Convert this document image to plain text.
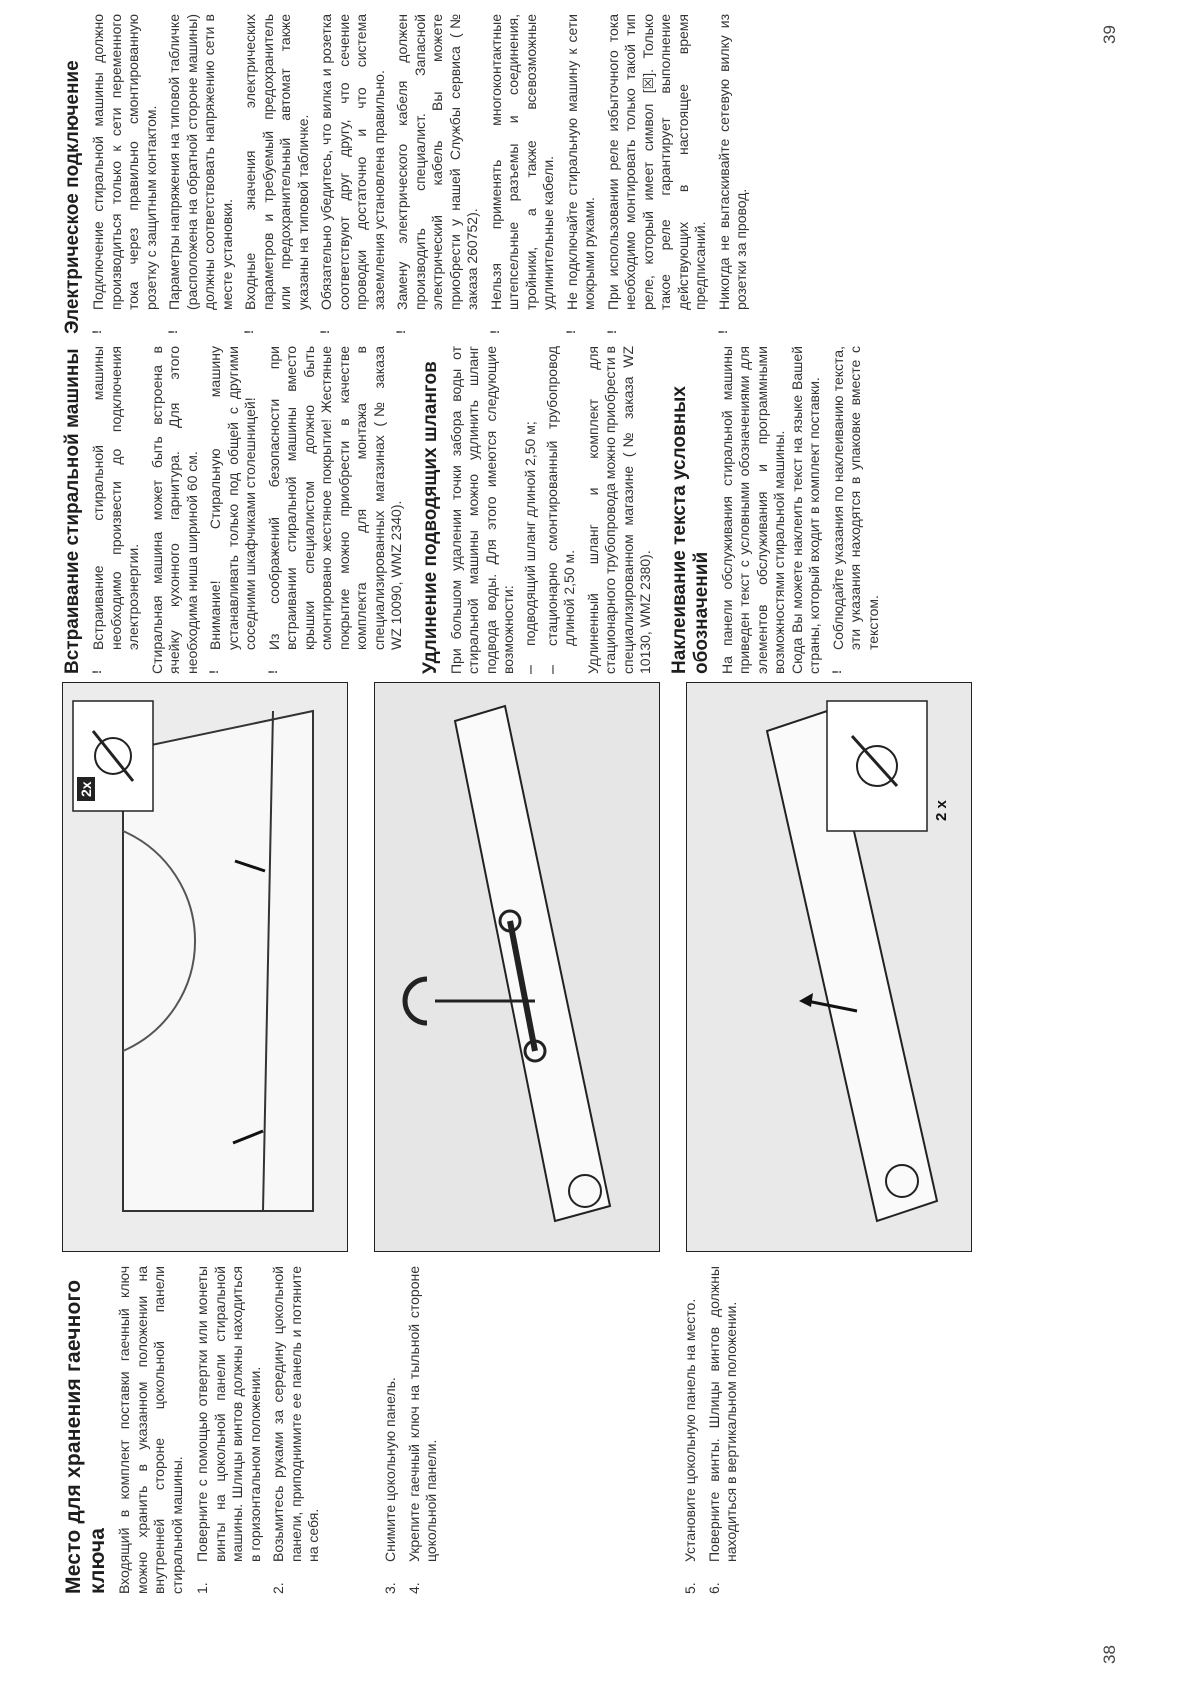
Место для хранения гаечного ключа Входящий в комплект поставки гаечный ключ можно хранить в указанном положении на внутренней стороне цокольной панели стиральной машины. 1.
Поверните с помощью отвертки или монеты винты на цокольной панели стиральной машины. Шлицы винтов должны находиться в горизонтальном положении.
2.
Возьмитесь руками за середину цокольной панели, приподнимите ее панель и потяните на себя.
3.
Снимите цокольную панель.
4.
Укрепите гаечный ключ на тыльной стороне цокольной панели.
5.
Установите цокольную панель на место.
6.
Поверните винты. Шлицы винтов должны находиться в вертикальном положении.
38
2x
2 x
Встраивание стиральной машины !

Встраивание стиральной машины необходимо произвести до подключения электроэнергии. Стиральная машина может быть встроена в ячейку кухонного гарнитура. Для этого необходима ниша шириной 60 см. !

Внимание! Стиральную машину устанавливать только под общей с другими соседними шкафчиками столешницей!

!

Из соображений безопасности при встраивании стиральной машины вместо крышки специалистом должно быть смонтировано жестяное покрытие! Жестяные покрытие можно приобрести в качестве комплекта для монтажа в специализированных магазинах (№ заказа WZ 10090, WMZ 2340). Удлинение подводящих шлангов При большом удалении точки забора воды от стиральной машины можно удлинить шланг подвода воды. Для этого имеются следующие возможности: –

подводящий шланг длиной 2,50 м;

–

стационарно смонтированный трубопровод длиной 2,50 м. Удлиненный шланг и комплект для стационарного трубопровода можно приобрести в специализированном магазине (№ заказа WZ 10130, WMZ 2380). Наклеивание текста условных обозначений На панели обслуживания стиральной машины приведен текст с условными обозначениями для элементов обслуживания и программными возможностями стиральной машины. Сюда Вы можете наклеить текст на языке Вашей страны, который входит в комплект поставки. !

Соблюдайте указания по наклеиванию текста, эти указания находятся в упаковке вместе с текстом.

Электрическое подключение !

Подключение стиральной машины должно производиться только к сети переменного тока через правильно смонтированную розетку с защитным контактом.

!

Параметры напряжения на типовой табличке (расположена на обратной стороне машины) должны соответствовать напряжению сети в месте установки.

!

Входные значения электрических параметров и требуемый предохранитель или предохранительный автомат также указаны на типовой табличке.

!

Обязательно убедитесь, что вилка и розетка соответствуют друг другу, что сечение проводки достаточно и что система заземления установлена правильно.

!

Замену электрического кабеля должен производить специалист. Запасной электрический кабель Вы можете приобрести у нашей Службы сервиса (№ заказа 260752).

!

Нельзя применять многоконтактные штепсельные разъемы и соединения, тройники, а также всевозможные удлинительные кабели.

!

Не подключайте стиральную машину к сети мокрыми руками.

!

При использовании реле избыточного тока необходимо монтировать только такой тип реле, который имеет символ [☒]. Только такое реле гарантирует выполнение действующих в настоящее время предписаний.

!

Никогда не вытаскивайте сетевую вилку из розетки за провод.

39
